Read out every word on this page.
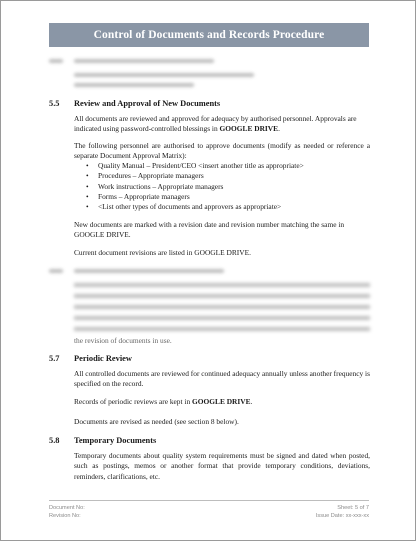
Control of Documents and Records Procedure
5.5 Review and Approval of New Documents
All documents are reviewed and approved for adequacy by authorised personnel. Approvals are indicated using password-controlled blessings in GOOGLE DRIVE.
The following personnel are authorised to approve documents (modify as needed or reference a separate Document Approval Matrix):
• Quality Manual – President/CEO <insert another title as appropriate>
• Procedures – Appropriate managers
• Work instructions – Appropriate managers
• Forms – Appropriate managers
• <List other types of documents and approvers as appropriate>
New documents are marked with a revision date and revision number matching the same in GOOGLE DRIVE.
Current document revisions are listed in GOOGLE DRIVE.
the revision of documents in use.
5.7 Periodic Review
All controlled documents are reviewed for continued adequacy annually unless another frequency is specified on the record.
Records of periodic reviews are kept in GOOGLE DRIVE.
Documents are revised as needed (see section 8 below).
5.8 Temporary Documents
Temporary documents about quality system requirements must be signed and dated when posted, such as postings, memos or another format that provide temporary conditions, deviations, reminders, clarifications, etc.
Document No:
Revision No:
Sheet: 5 of 7
Issue Date: xx-xxx-xx
